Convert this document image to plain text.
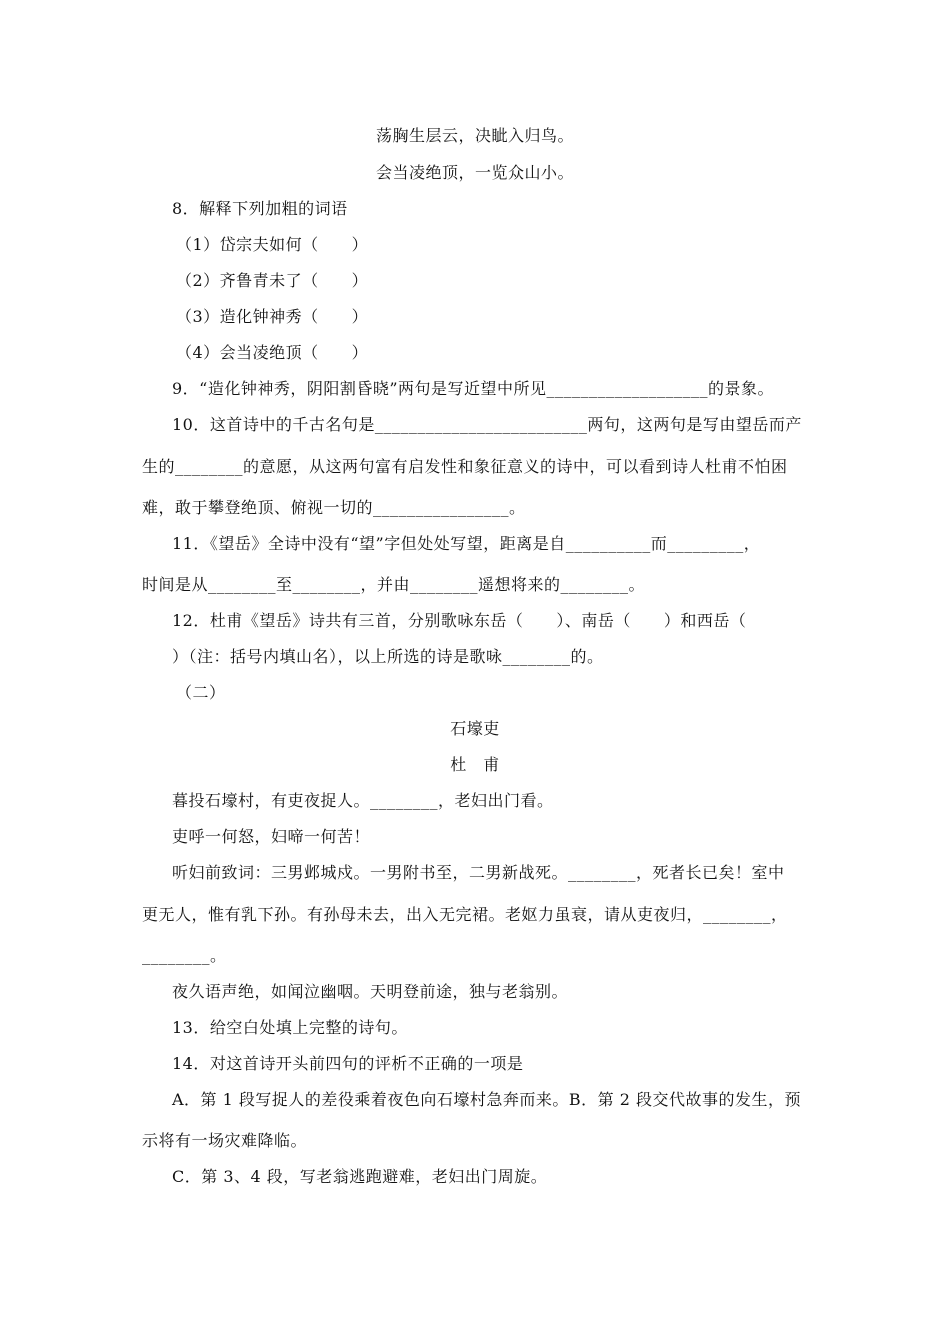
荡胸生层云，决眦入归鸟。
会当凌绝顶，一览众山小。
8．解释下列加粗的词语
（1）岱宗夫如何（　　）
（2）齐鲁青未了（　　）
（3）造化钟神秀（　　）
（4）会当凌绝顶（　　）
9．“造化钟神秀，阴阳割昏晓”两句是写近望中所见___________________的景象。
10．这首诗中的千古名句是_________________________两句，这两句是写由望岳而产
生的________的意愿，从这两句富有启发性和象征意义的诗中，可以看到诗人杜甫不怕困
难，敢于攀登绝顶、俯视一切的________________。
11．《望岳》全诗中没有“望”字但处处写望，距离是自__________而_________，
时间是从________至________，并由________遥想将来的________。
12．杜甫《望岳》诗共有三首，分别歌咏东岳（　　）、南岳（　　）和西岳（
）（注：括号内填山名），以上所选的诗是歌咏________的。
（二）
石壕吏
杜　甫
暮投石壕村，有吏夜捉人。________，老妇出门看。
吏呼一何怒，妇啼一何苦！
听妇前致词：三男邺城戍。一男附书至，二男新战死。________，死者长已矣！室中
更无人，惟有乳下孙。有孙母未去，出入无完裙。老妪力虽衰，请从吏夜归，________，
________。
夜久语声绝，如闻泣幽咽。天明登前途，独与老翁别。
13．给空白处填上完整的诗句。
14．对这首诗开头前四句的评析不正确的一项是
A．第 1 段写捉人的差役乘着夜色向石壕村急奔而来。B．第 2 段交代故事的发生，预
示将有一场灾难降临。
C．第 3、4 段，写老翁逃跑避难，老妇出门周旋。
